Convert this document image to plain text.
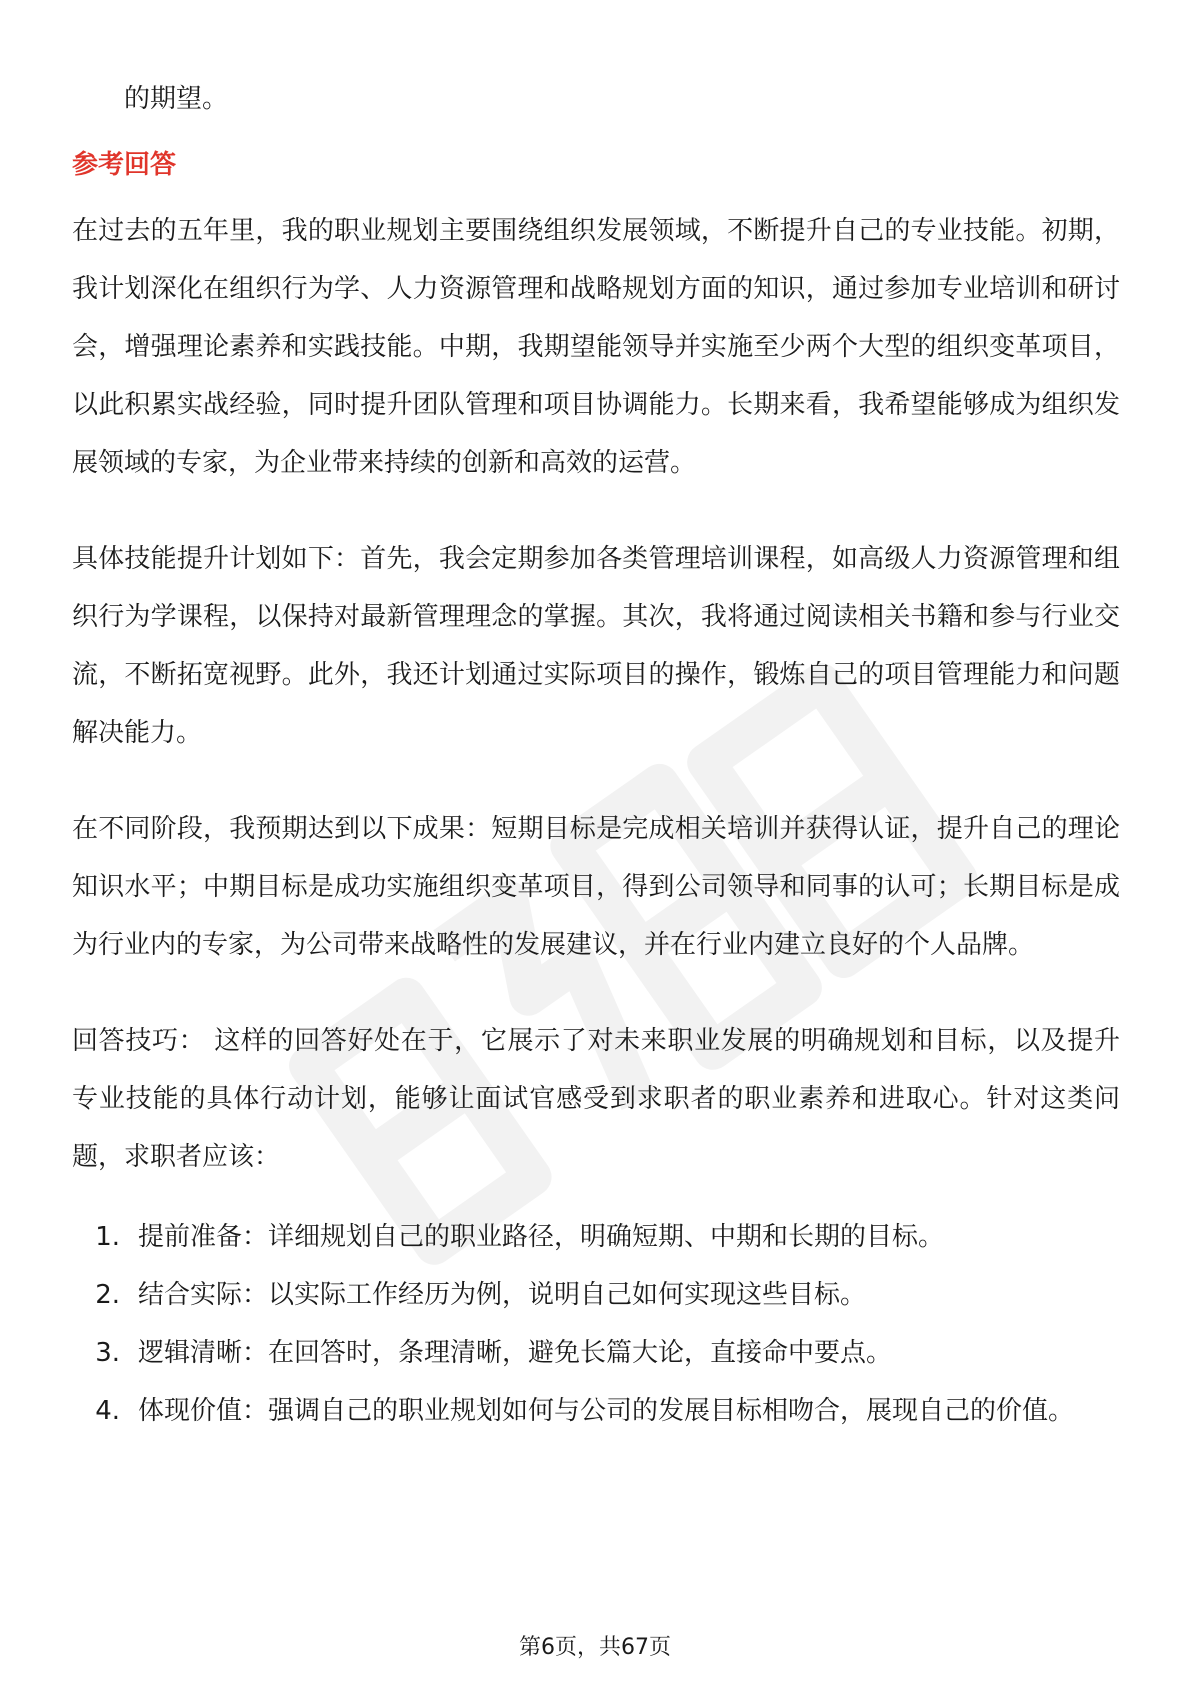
的期望。

参考回答

在过去的五年里，我的职业规划主要围绕组织发展领域，不断提升自己的专业技能。初期，我计划深化在组织行为学、人力资源管理和战略规划方面的知识，通过参加专业培训和研讨会，增强理论素养和实践技能。中期，我期望能领导并实施至少两个大型的组织变革项目，以此积累实战经验，同时提升团队管理和项目协调能力。长期来看，我希望能够成为组织发展领域的专家，为企业带来持续的创新和高效的运营。

具体技能提升计划如下：首先，我会定期参加各类管理培训课程，如高级人力资源管理和组织行为学课程，以保持对最新管理理念的掌握。其次，我将通过阅读相关书籍和参与行业交流，不断拓宽视野。此外，我还计划通过实际项目的操作，锻炼自己的项目管理能力和问题解决能力。

在不同阶段，我预期达到以下成果：短期目标是完成相关培训并获得认证，提升自己的理论知识水平；中期目标是成功实施组织变革项目，得到公司领导和同事的认可；长期目标是成为行业内的专家，为公司带来战略性的发展建议，并在行业内建立良好的个人品牌。

回答技巧： 这样的回答好处在于，它展示了对未来职业发展的明确规划和目标，以及提升专业技能的具体行动计划，能够让面试官感受到求职者的职业素养和进取心。针对这类问题，求职者应该：

1. 提前准备：详细规划自己的职业路径，明确短期、中期和长期的目标。
2. 结合实际：以实际工作经历为例，说明自己如何实现这些目标。
3. 逻辑清晰：在回答时，条理清晰，避免长篇大论，直接命中要点。
4. 体现价值：强调自己的职业规划如何与公司的发展目标相吻合，展现自己的价值。
第6页，共67页
